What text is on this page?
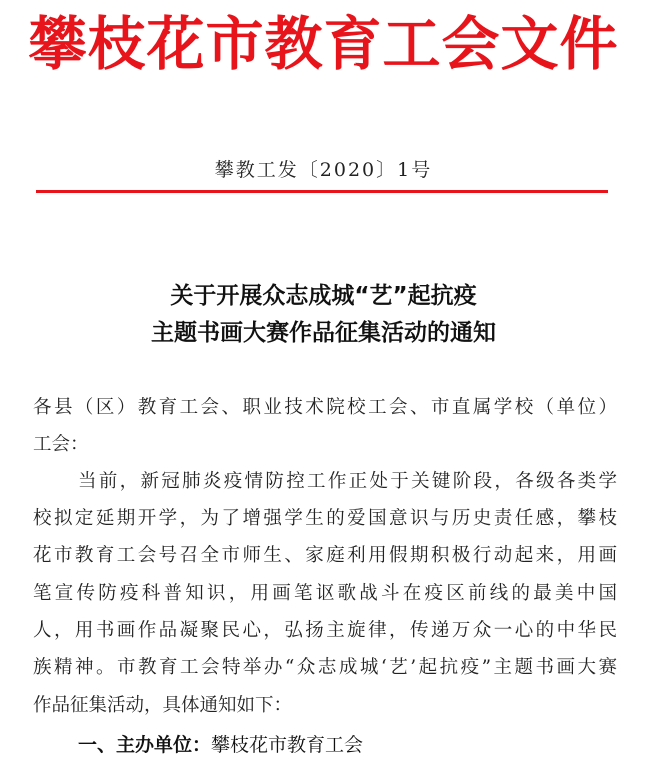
攀枝花市教育工会文件
攀教工发〔2020〕1号
关于开展众志成城“艺”起抗疫
主题书画大赛作品征集活动的通知
各县（区）教育工会、职业技术院校工会、市直属学校（单位）
工会：
当前，新冠肺炎疫情防控工作正处于关键阶段，各级各类学
校拟定延期开学，为了增强学生的爱国意识与历史责任感，攀枝
花市教育工会号召全市师生、家庭利用假期积极行动起来，用画
笔宣传防疫科普知识，用画笔讴歌战斗在疫区前线的最美中国
人，用书画作品凝聚民心，弘扬主旋律，传递万众一心的中华民
族精神。市教育工会特举办“众志成城‘艺’起抗疫”主题书画大赛
作品征集活动，具体通知如下：
一、主办单位：攀枝花市教育工会
